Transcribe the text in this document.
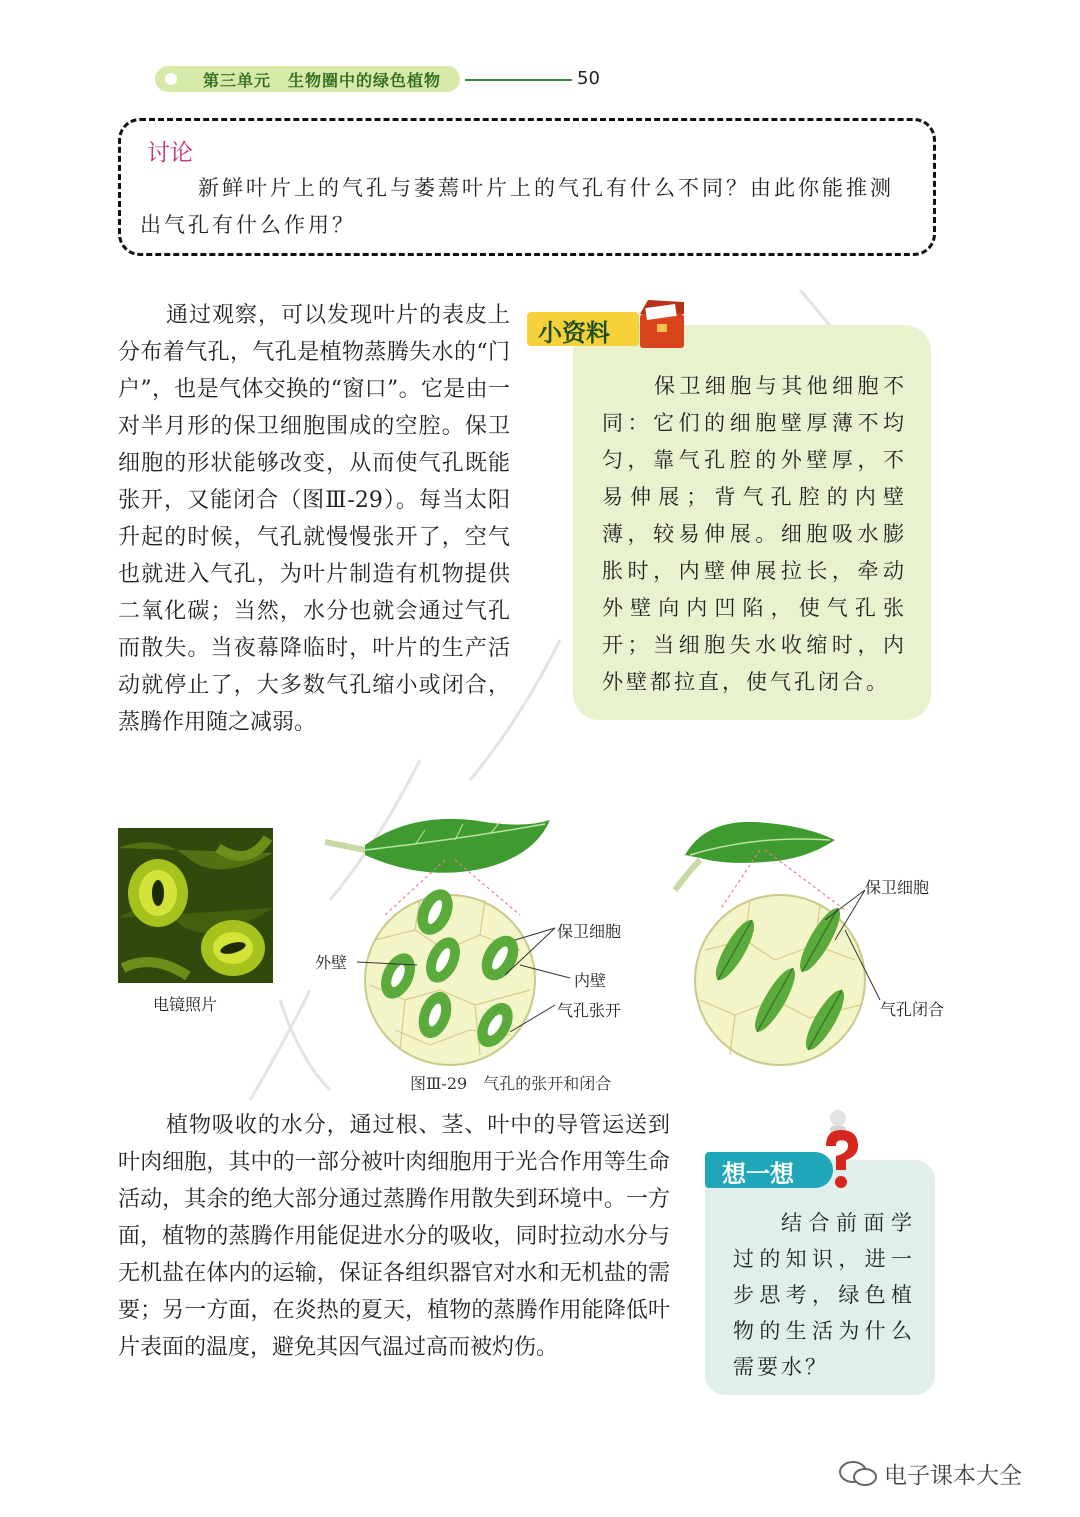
第三单元　生物圈中的绿色植物	50
讨论
新鲜叶片上的气孔与萎蔫叶片上的气孔有什么不同？由此你能推测出气孔有什么作用？
通过观察，可以发现叶片的表皮上分布着气孔，气孔是植物蒸腾失水的“门户”，也是气体交换的“窗口”。它是由一对半月形的保卫细胞围成的空腔。保卫细胞的形状能够改变，从而使气孔既能张开，又能闭合（图Ⅲ-29）。每当太阳升起的时候，气孔就慢慢张开了，空气也就进入气孔，为叶片制造有机物提供二氧化碳；当然，水分也就会通过气孔而散失。当夜幕降临时，叶片的生产活动就停止了，大多数气孔缩小或闭合，蒸腾作用随之减弱。
小资料
保卫细胞与其他细胞不同：它们的细胞壁厚薄不均匀，靠气孔腔的外壁厚，不易伸展；背气孔腔的内壁薄，较易伸展。细胞吸水膨胀时，内壁伸展拉长，牵动外壁向内凹陷，使气孔张开；当细胞失水收缩时，内外壁都拉直，使气孔闭合。
电镜照片
外壁
保卫细胞
内壁
气孔张开
保卫细胞
气孔闭合
图Ⅲ-29　气孔的张开和闭合
植物吸收的水分，通过根、茎、叶中的导管运送到叶肉细胞，其中的一部分被叶肉细胞用于光合作用等生命活动，其余的绝大部分通过蒸腾作用散失到环境中。一方面，植物的蒸腾作用能促进水分的吸收，同时拉动水分与无机盐在体内的运输，保证各组织器官对水和无机盐的需要；另一方面，在炎热的夏天，植物的蒸腾作用能降低叶片表面的温度，避免其因气温过高而被灼伤。
想一想
结合前面学过的知识，进一步思考，绿色植物的生活为什么需要水？
电子课本大全
